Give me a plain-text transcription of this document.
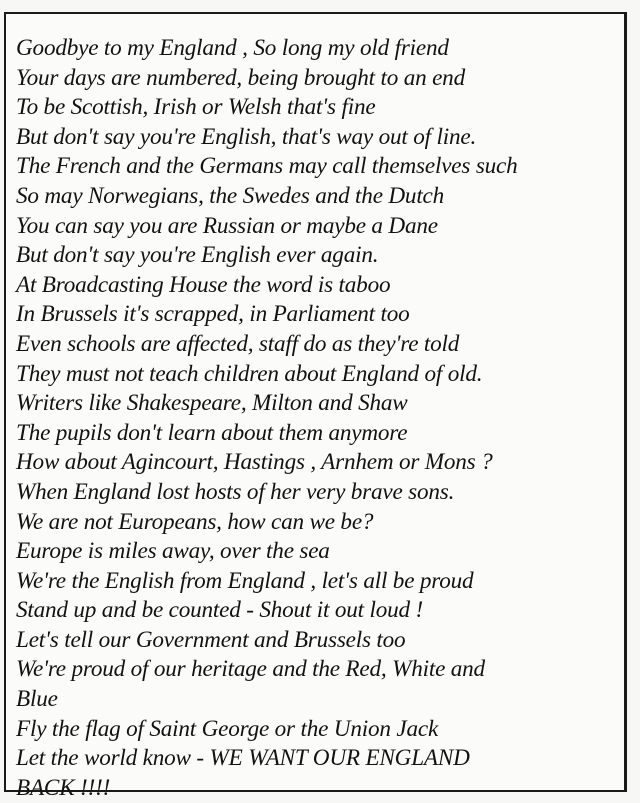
Goodbye to my England , So long my old friend
Your days are numbered, being brought to an end
To be Scottish, Irish or Welsh that's fine
But don't say you're English, that's way out of line.
The French and the Germans may call themselves such
So may Norwegians, the Swedes and the Dutch
You can say you are Russian or maybe a Dane
But don't say you're English ever again.
At Broadcasting House the word is taboo
In Brussels it's scrapped, in Parliament too
Even schools are affected, staff do as they're told
They must not teach children about England of old.
Writers like Shakespeare, Milton and Shaw
The pupils don't learn about them anymore
How about Agincourt, Hastings , Arnhem or Mons ?
When England lost hosts of her very brave sons.
We are not Europeans, how can we be?
Europe is miles away, over the sea
We're the English from England , let's all be proud
Stand up and be counted - Shout it out loud !
Let's tell our Government and Brussels too
We're proud of our heritage and the Red, White and
Blue
Fly the flag of Saint George or the Union Jack
Let the world know - WE WANT OUR ENGLAND
BACK !!!!
